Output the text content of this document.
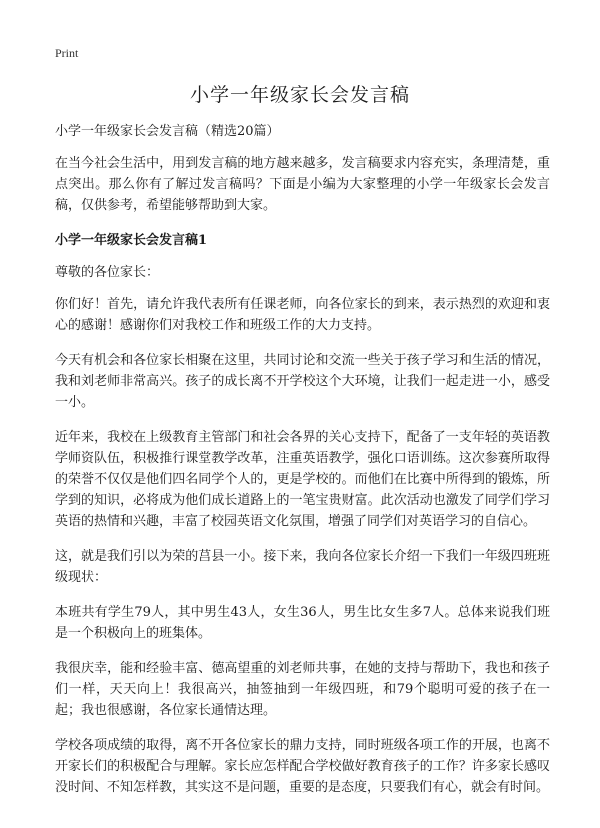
Print
小学一年级家长会发言稿

小学一年级家长会发言稿（精选20篇）

在当今社会生活中，用到发言稿的地方越来越多，发言稿要求内容充实，条理清楚，重点突出。那么你有了解过发言稿吗？下面是小编为大家整理的小学一年级家长会发言稿，仅供参考，希望能够帮助到大家。

小学一年级家长会发言稿1

尊敬的各位家长：

你们好！首先，请允许我代表所有任课老师，向各位家长的到来，表示热烈的欢迎和衷心的感谢！感谢你们对我校工作和班级工作的大力支持。

今天有机会和各位家长相聚在这里，共同讨论和交流一些关于孩子学习和生活的情况，我和刘老师非常高兴。孩子的成长离不开学校这个大环境，让我们一起走进一小，感受一小。

近年来，我校在上级教育主管部门和社会各界的关心支持下，配备了一支年轻的英语教学师资队伍，积极推行课堂教学改革，注重英语教学，强化口语训练。这次参赛所取得的荣誉不仅仅是他们四名同学个人的，更是学校的。而他们在比赛中所得到的锻炼，所学到的知识，必将成为他们成长道路上的一笔宝贵财富。此次活动也激发了同学们学习英语的热情和兴趣，丰富了校园英语文化氛围，增强了同学们对英语学习的自信心。

这，就是我们引以为荣的莒县一小。接下来，我向各位家长介绍一下我们一年级四班班级现状：

本班共有学生79人，其中男生43人，女生36人，男生比女生多7人。总体来说我们班是一个积极向上的班集体。

我很庆幸，能和经验丰富、德高望重的刘老师共事，在她的支持与帮助下，我也和孩子们一样，天天向上！我很高兴，抽签抽到一年级四班，和79个聪明可爱的孩子在一起；我也很感谢，各位家长通情达理。

学校各项成绩的取得，离不开各位家长的鼎力支持，同时班级各项工作的开展，也离不开家长们的积极配合与理解。家长应怎样配合学校做好教育孩子的工作？许多家长感叹没时间、不知怎样教，其实这不是问题，重要的是态度，只要我们有心，就会有时间。
